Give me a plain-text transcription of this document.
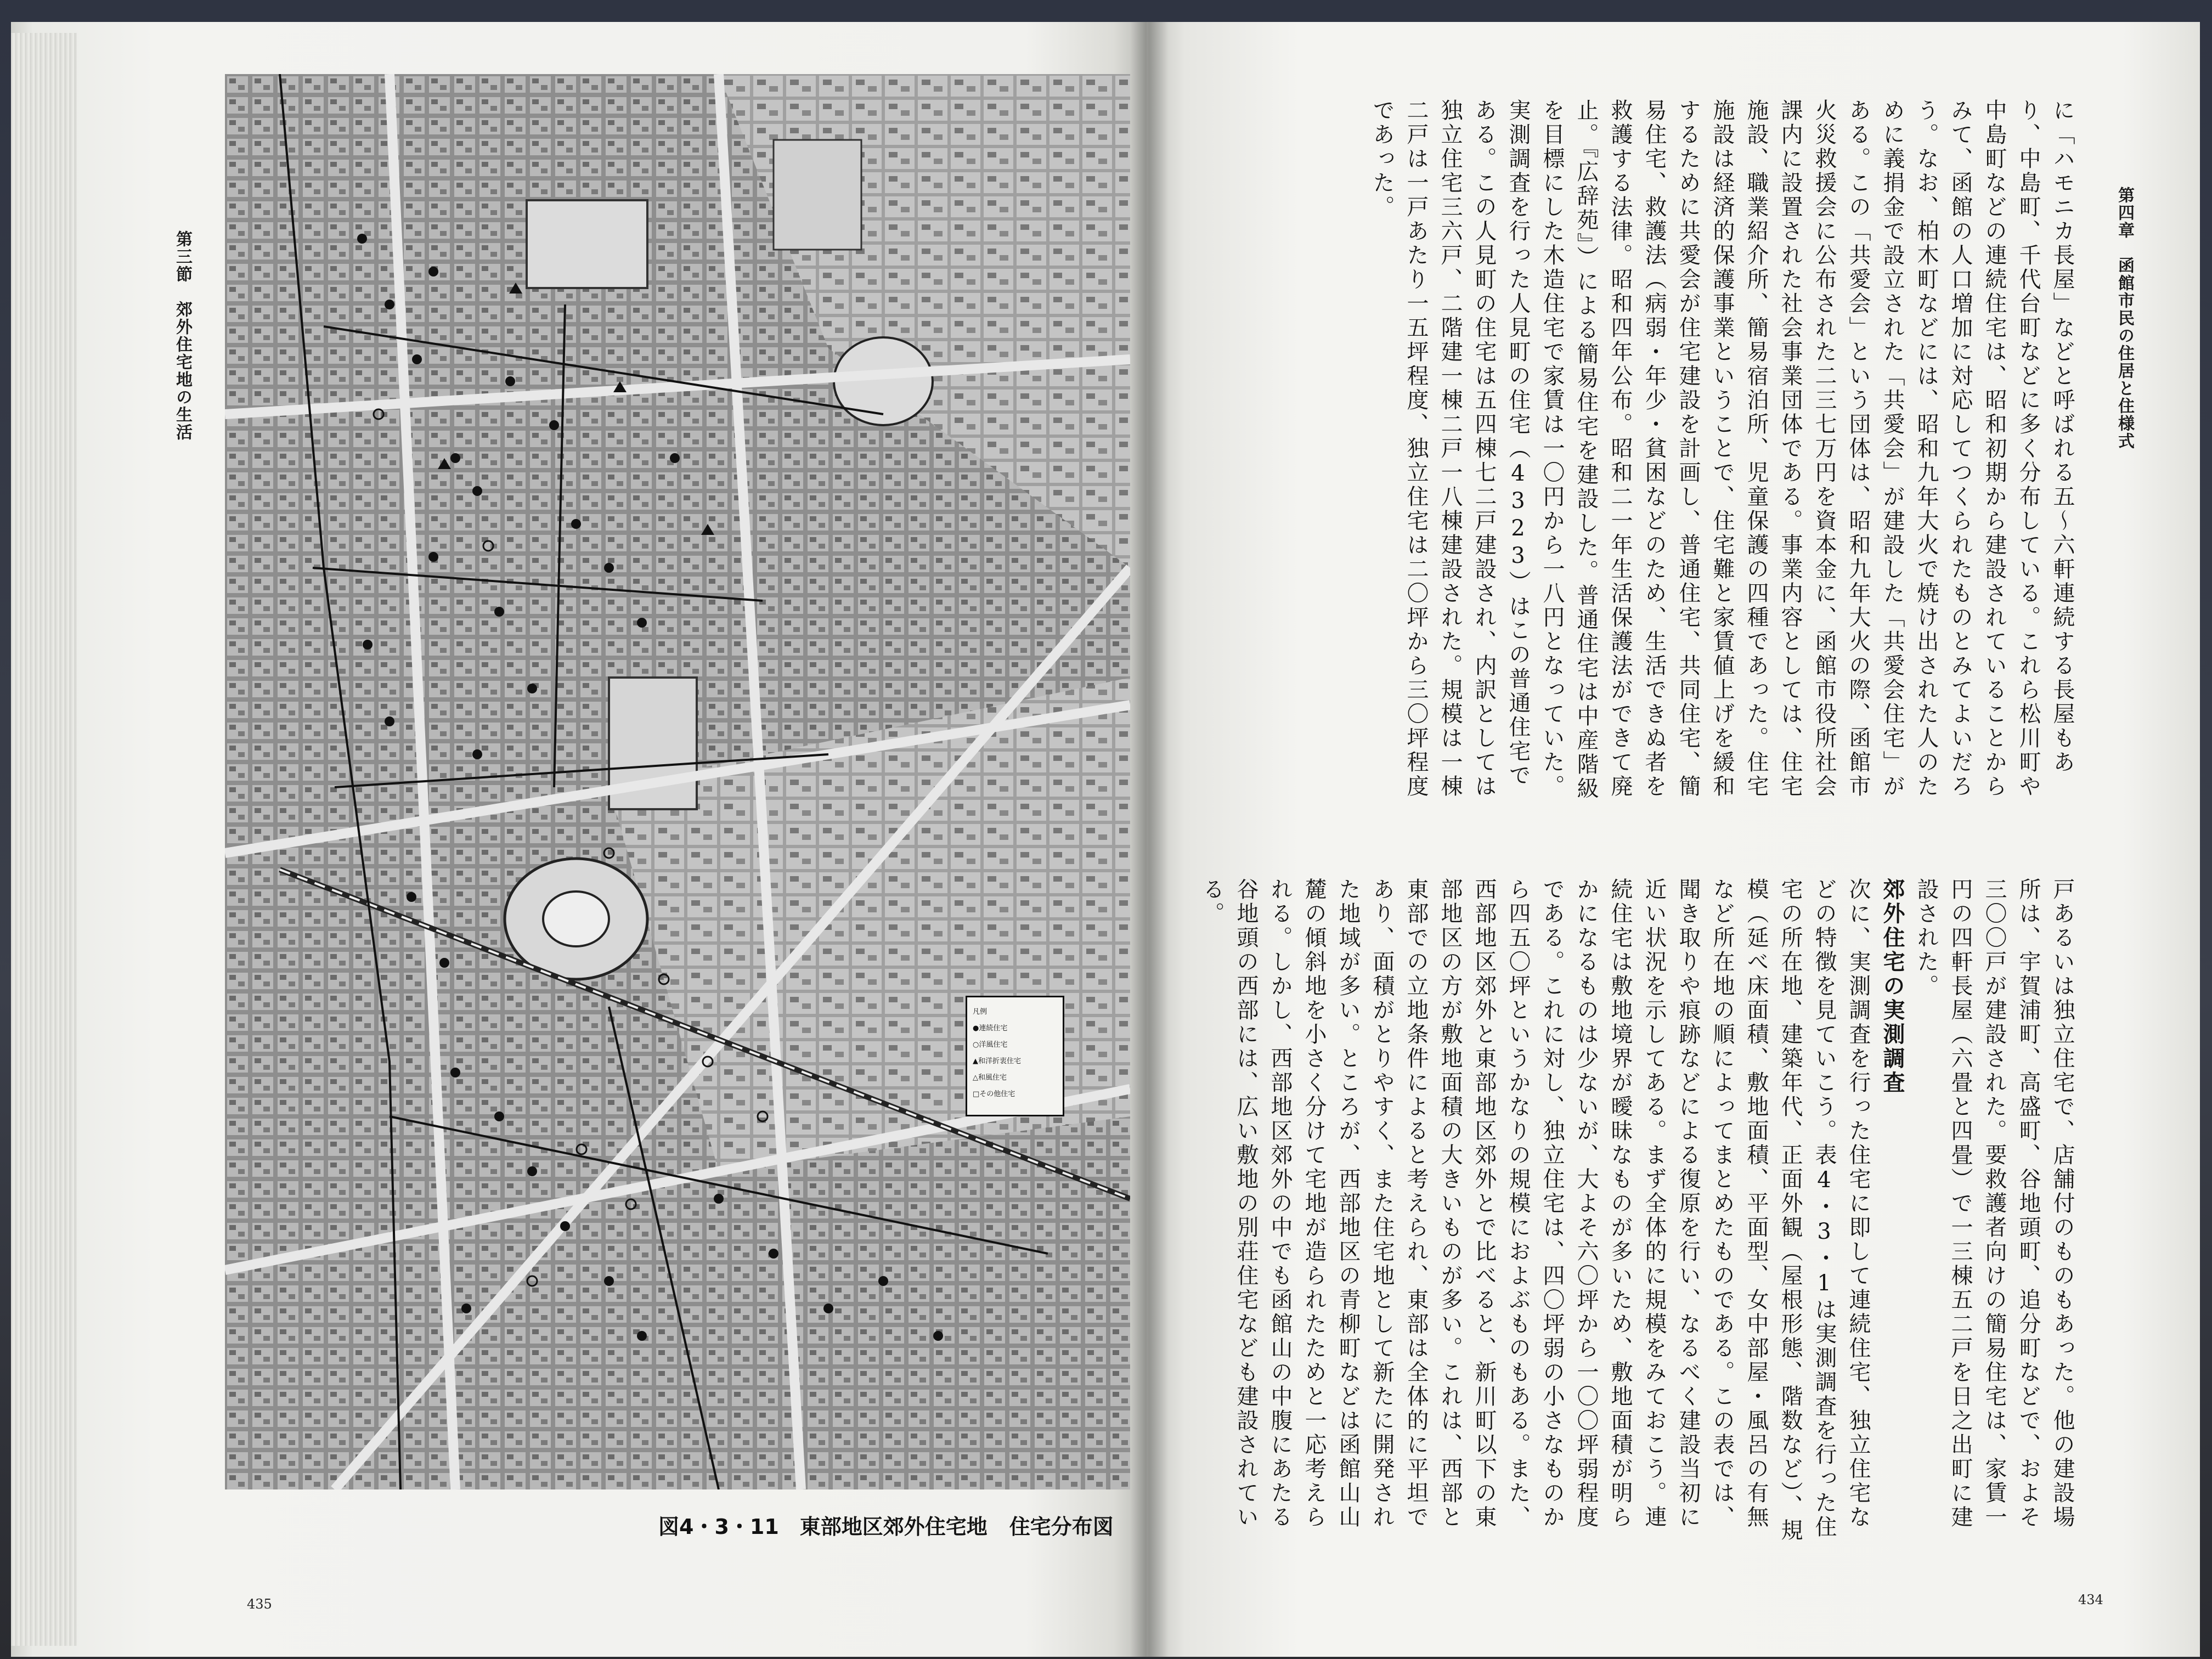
第三節　郊外住宅地の生活
凡例
●連続住宅
○洋風住宅
▲和洋折衷住宅
△和風住宅
□その他住宅
図4・3・11　東部地区郊外住宅地 住宅分布図
435
第四章　函館市民の住居と住様式

に「ハモニカ長屋」などと呼ばれる五〜六軒連続する長屋もあり、中島町、千代台町などに多く分布している。これら松川町や中島町などの連続住宅は、昭和初期から建設されていることからみて、函館の人口増加に対応してつくられたものとみてよいだろう。なお、柏木町などには、昭和九年大火で焼け出された人のために義捐金で設立された「共愛会」が建設した「共愛会住宅」がある。この「共愛会」という団体は、昭和九年大火の際、函館市火災救援会に公布された二三七万円を資本金に、函館市役所社会課内に設置された社会事業団体である。事業内容としては、住宅施設、職業紹介所、簡易宿泊所、児童保護の四種であった。住宅施設は経済的保護事業ということで、住宅難と家賃値上げを緩和するために共愛会が住宅建設を計画し、普通住宅、共同住宅、簡易住宅、救護法（病弱・年少・貧困などのため、生活できぬ者を救護する法律。昭和四年公布。昭和二一年生活保護法ができて廃止。『広辞苑』）による簡易住宅を建設した。普通住宅は中産階級を目標にした木造住宅で家賃は一〇円から一八円となっていた。実測調査を行った人見町の住宅（4323）はこの普通住宅である。この人見町の住宅は五四棟七二戸建設され、内訳としては独立住宅三六戸、二階建一棟二戸一八棟建設された。規模は一棟二戸は一戸あたり一五坪程度、独立住宅は二〇坪から三〇坪程度であった。

戸あるいは独立住宅で、店舗付のものもあった。他の建設場所は、宇賀浦町、高盛町、谷地頭町、追分町などで、およそ三〇〇戸が建設された。要救護者向けの簡易住宅は、家賃一円の四軒長屋（六畳と四畳）で一三棟五二戸を日之出町に建設された。

郊外住宅の実測調査

次に、実測調査を行った住宅に即して連続住宅、独立住宅などの特徴を見ていこう。表4・3・1は実測調査を行った住宅の所在地、建築年代、正面外観（屋根形態、階数など）、規模（延べ床面積、敷地面積、平面型、女中部屋・風呂の有無など所在地の順によってまとめたものである。この表では、聞き取りや痕跡などによる復原を行い、なるべく建設当初に近い状況を示してある。まず全体的に規模をみておこう。連続住宅は敷地境界が曖昧なものが多いため、敷地面積が明らかになるものは少ないが、大よそ六〇坪から一〇〇坪弱程度である。これに対し、独立住宅は、四〇坪弱の小さなものから四五〇坪というかなりの規模におよぶものもある。また、西部地区郊外と東部地区郊外とで比べると、新川町以下の東部地区の方が敷地面積の大きいものが多い。これは、西部と東部での立地条件によると考えられ、東部は全体的に平坦であり、面積がとりやすく、また住宅地として新たに開発された地域が多い。ところが、西部地区の青柳町などは函館山山麓の傾斜地を小さく分けて宅地が造られたためと一応考えられる。しかし、西部地区郊外の中でも函館山の中腹にあたる谷地頭の西部には、広い敷地の別荘住宅なども建設されている。

434
